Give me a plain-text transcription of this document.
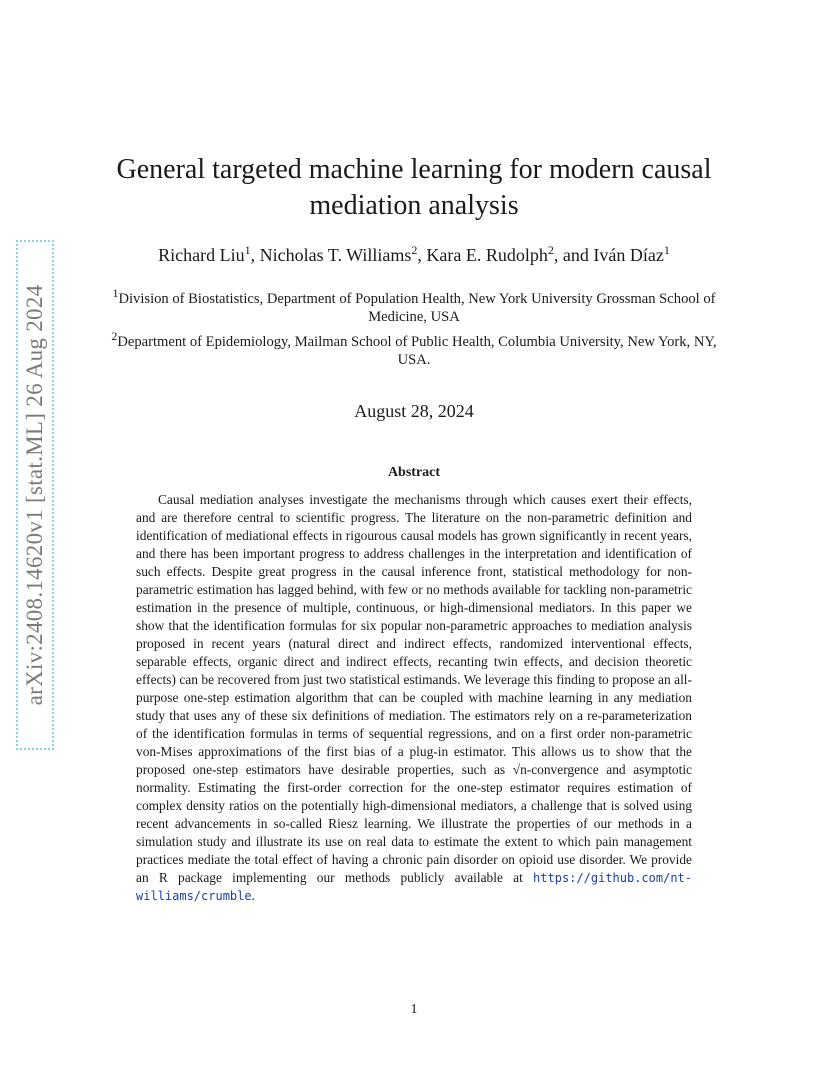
arXiv:2408.14620v1 [stat.ML] 26 Aug 2024
General targeted machine learning for modern causal mediation analysis
Richard Liu$^1$, Nicholas T. Williams$^2$, Kara E. Rudolph$^2$, and Iván Díaz$^1$
$^1$Division of Biostatistics, Department of Population Health, New York University Grossman School of Medicine, USA
$^2$Department of Epidemiology, Mailman School of Public Health, Columbia University, New York, NY, USA.
August 28, 2024
Abstract

Causal mediation analyses investigate the mechanisms through which causes exert their effects, and are therefore central to scientific progress. The literature on the non-parametric definition and identification of mediational effects in rigourous causal models has grown significantly in recent years, and there has been important progress to address challenges in the interpretation and identification of such effects. Despite great progress in the causal inference front, statistical methodology for non-parametric estimation has lagged behind, with few or no methods available for tackling non-parametric estimation in the presence of multiple, continuous, or high-dimensional mediators. In this paper we show that the identification formulas for six popular non-parametric approaches to mediation analysis proposed in recent years (natural direct and indirect effects, randomized interventional effects, separable effects, organic direct and indirect effects, recanting twin effects, and decision theoretic effects) can be recovered from just two statistical estimands. We leverage this finding to propose an all-purpose one-step estimation algorithm that can be coupled with machine learning in any mediation study that uses any of these six definitions of mediation. The estimators rely on a re-parameterization of the identification formulas in terms of sequential regressions, and on a first order non-parametric von-Mises approximations of the first bias of a plug-in estimator. This allows us to show that the proposed one-step estimators have desirable properties, such as √n-convergence and asymptotic normality. Estimating the first-order correction for the one-step estimator requires estimation of complex density ratios on the potentially high-dimensional mediators, a challenge that is solved using recent advancements in so-called Riesz learning. We illustrate the properties of our methods in a simulation study and illustrate its use on real data to estimate the extent to which pain management practices mediate the total effect of having a chronic pain disorder on opioid use disorder. We provide an R package implementing our methods publicly available at https://github.com/nt-williams/crumble.

1
